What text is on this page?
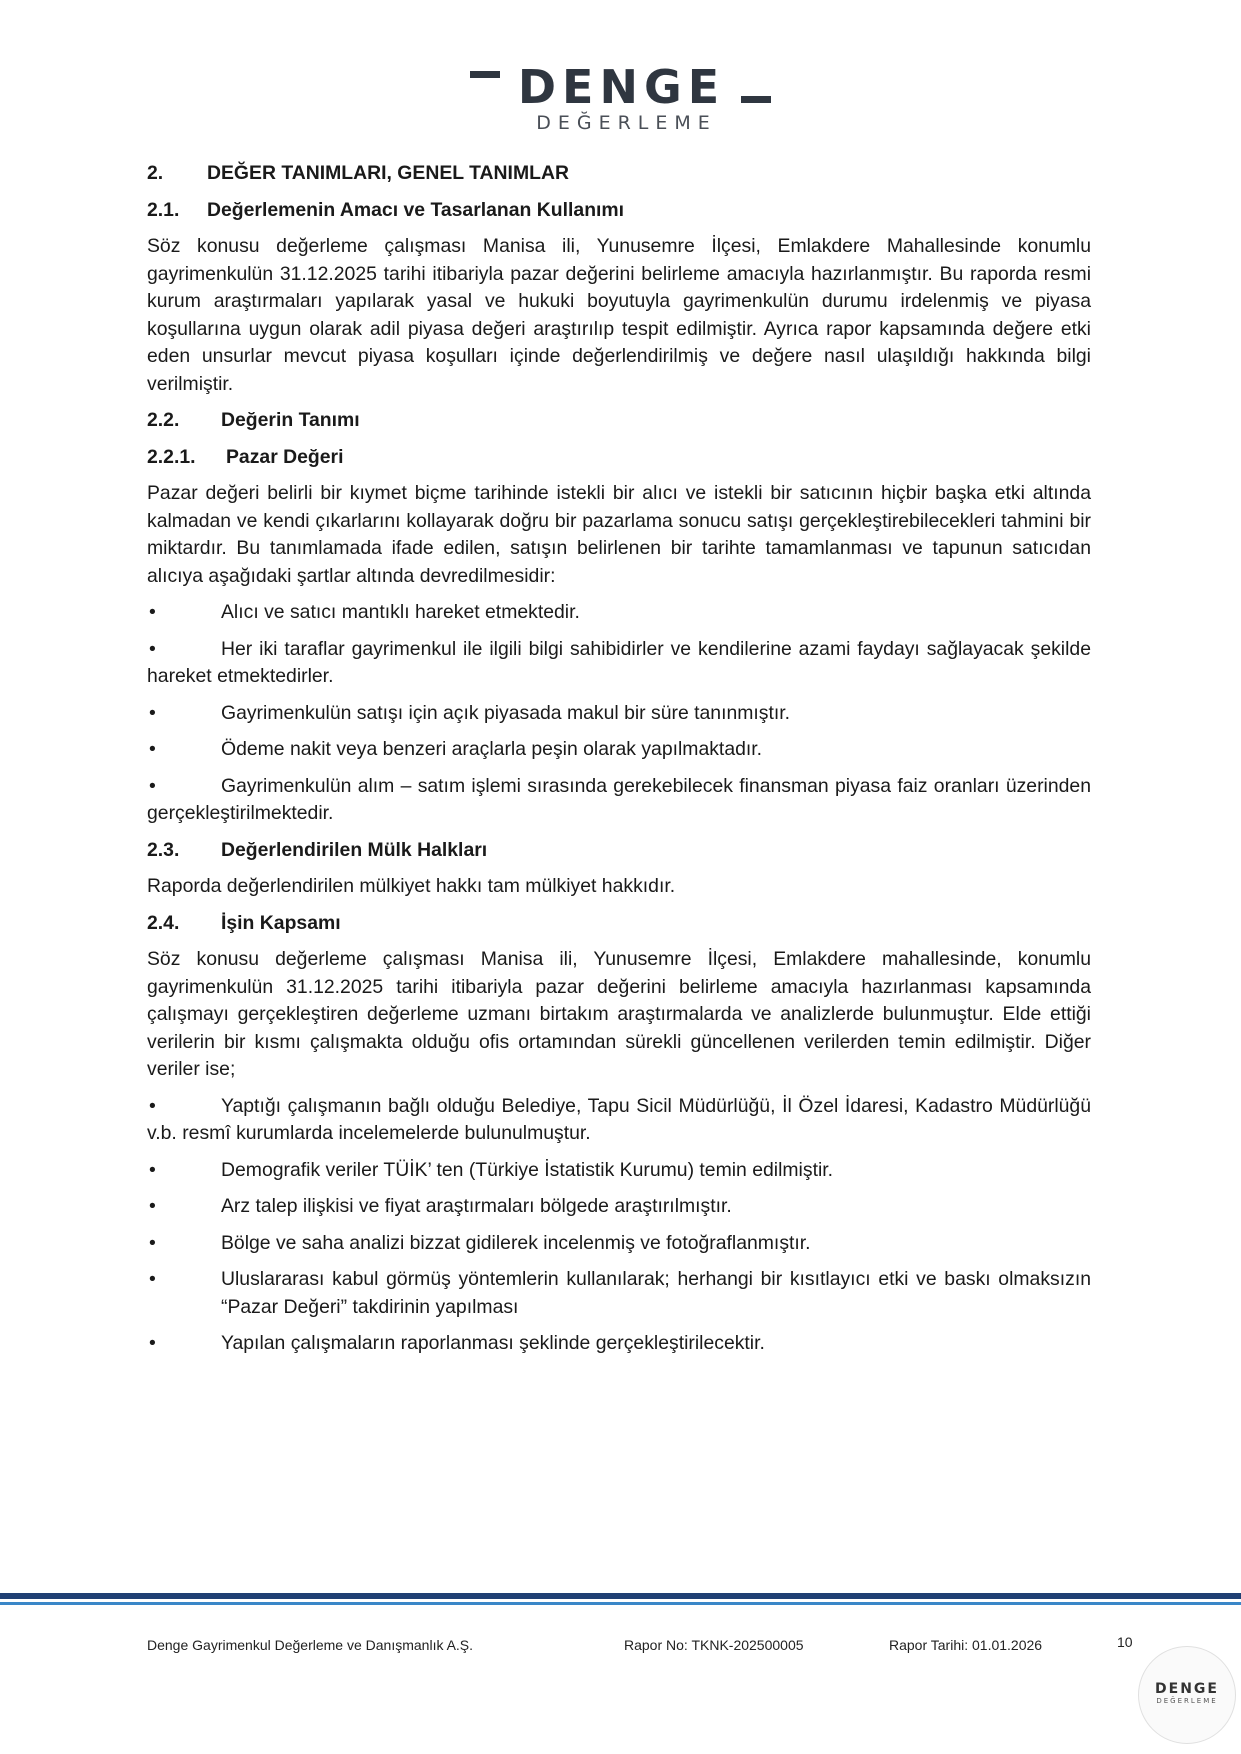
DENGE
DEĞERLEME
2.	DEĞER TANIMLARI, GENEL TANIMLAR
2.1.	Değerlemenin Amacı ve Tasarlanan Kullanımı

Söz konusu değerleme çalışması Manisa ili, Yunusemre İlçesi, Emlakdere Mahallesinde konumlu gayrimenkulün 31.12.2025 tarihi itibariyla pazar değerini belirleme amacıyla hazırlanmıştır. Bu raporda resmi kurum araştırmaları yapılarak yasal ve hukuki boyutuyla gayrimenkulün durumu irdelenmiş ve piyasa koşullarına uygun olarak adil piyasa değeri araştırılıp tespit edilmiştir. Ayrıca rapor kapsamında değere etki eden unsurlar mevcut piyasa koşulları içinde değerlendirilmiş ve değere nasıl ulaşıldığı hakkında bilgi verilmiştir.

2.2.	Değerin Tanımı
2.2.1.	Pazar Değeri

Pazar değeri belirli bir kıymet biçme tarihinde istekli bir alıcı ve istekli bir satıcının hiçbir başka etki altında kalmadan ve kendi çıkarlarını kollayarak doğru bir pazarlama sonucu satışı gerçekleştirebilecekleri tahmini bir miktardır. Bu tanımlamada ifade edilen, satışın belirlenen bir tarihte tamamlanması ve tapunun satıcıdan alıcıya aşağıdaki şartlar altında devredilmesidir:

•	Alıcı ve satıcı mantıklı hareket etmektedir.
•	Her iki taraflar gayrimenkul ile ilgili bilgi sahibidirler ve kendilerine azami faydayı sağlayacak şekilde hareket etmektedirler.
•	Gayrimenkulün satışı için açık piyasada makul bir süre tanınmıştır.
•	Ödeme nakit veya benzeri araçlarla peşin olarak yapılmaktadır.
•	Gayrimenkulün alım – satım işlemi sırasında gerekebilecek finansman piyasa faiz oranları üzerinden gerçekleştirilmektedir.
2.3.	Değerlendirilen Mülk Halkları

Raporda değerlendirilen mülkiyet hakkı tam mülkiyet hakkıdır.

2.4.	İşin Kapsamı

Söz konusu değerleme çalışması Manisa ili, Yunusemre İlçesi, Emlakdere mahallesinde, konumlu gayrimenkulün 31.12.2025 tarihi itibariyla pazar değerini belirleme amacıyla hazırlanması kapsamında çalışmayı gerçekleştiren değerleme uzmanı birtakım araştırmalarda ve analizlerde bulunmuştur. Elde ettiği verilerin bir kısmı çalışmakta olduğu ofis ortamından sürekli güncellenen verilerden temin edilmiştir. Diğer veriler ise;

•	Yaptığı çalışmanın bağlı olduğu Belediye, Tapu Sicil Müdürlüğü, İl Özel İdaresi, Kadastro Müdürlüğü v.b. resmî kurumlarda incelemelerde bulunulmuştur.
•	Demografik veriler TÜİK’ ten (Türkiye İstatistik Kurumu) temin edilmiştir.
•	Arz talep ilişkisi ve fiyat araştırmaları bölgede araştırılmıştır.
•	Bölge ve saha analizi bizzat gidilerek incelenmiş ve fotoğraflanmıştır.
•	Uluslararası kabul görmüş yöntemlerin kullanılarak; herhangi bir kısıtlayıcı etki ve baskı olmaksızın “Pazar Değeri” takdirinin yapılması
•	Yapılan çalışmaların raporlanması şeklinde gerçekleştirilecektir.
Denge Gayrimenkul Değerleme ve Danışmanlık A.Ş.	Rapor No: TKNK-202500005	Rapor Tarihi: 01.01.2026	10
DENGE
DEĞERLEME
